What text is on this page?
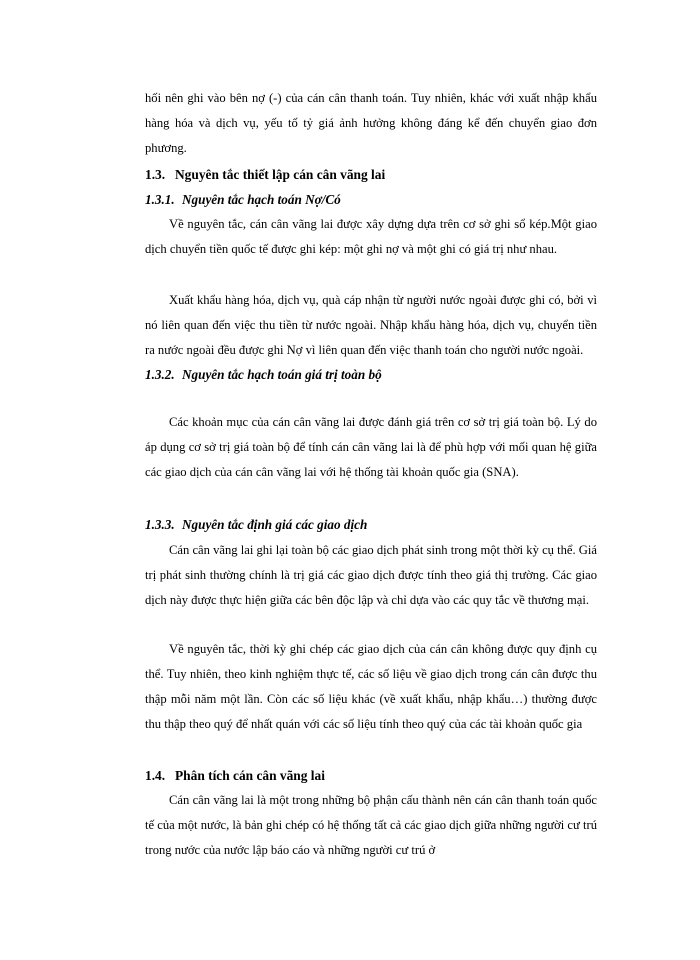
hối nên ghi vào bên nợ (-) của cán cân thanh toán. Tuy nhiên, khác với xuất nhập khẩu hàng hóa và dịch vụ, yếu tố tỷ giá ảnh hưởng không đáng kể đến chuyển giao đơn phương.

1.3. Nguyên tắc thiết lập cán cân vãng lai
1.3.1. Nguyên tắc hạch toán Nợ/Có

Về nguyên tắc, cán cân vãng lai được xây dựng dựa trên cơ sở ghi sổ kép.Một giao dịch chuyển tiền quốc tế được ghi kép: một ghi nợ và một ghi có giá trị như nhau.

Xuất khẩu hàng hóa, dịch vụ, quà cáp nhận từ người nước ngoài được ghi có, bởi vì nó liên quan đến việc thu tiền từ nước ngoài. Nhập khẩu hàng hóa, dịch vụ, chuyển tiền ra nước ngoài đều được ghi Nợ vì liên quan đến việc thanh toán cho người nước ngoài.

1.3.2. Nguyên tắc hạch toán giá trị toàn bộ

Các khoản mục của cán cân vãng lai được đánh giá trên cơ sở trị giá toàn bộ. Lý do áp dụng cơ sở trị giá toàn bộ để tính cán cân vãng lai là để phù hợp với mối quan hệ giữa các giao dịch của cán cân vãng lai với hệ thống tài khoản quốc gia (SNA).

1.3.3. Nguyên tắc định giá các giao dịch

Cán cân vãng lai ghi lại toàn bộ các giao dịch phát sinh trong một thời kỳ cụ thể. Giá trị phát sinh thường chính là trị giá các giao dịch được tính theo giá thị trường. Các giao dịch này được thực hiện giữa các bên độc lập và chỉ dựa vào các quy tắc về thương mại.

Về nguyên tắc, thời kỳ ghi chép các giao dịch của cán cân không được quy định cụ thể. Tuy nhiên, theo kinh nghiệm thực tế, các số liệu về giao dịch trong cán cân được thu thập mỗi năm một lần. Còn các số liệu khác (về xuất khẩu, nhập khẩu…) thường được thu thập theo quý để nhất quán với các số liệu tính theo quý của các tài khoản quốc gia

1.4. Phân tích cán cân vãng lai

Cán cân vãng lai là một trong những bộ phận cấu thành nên cán cân thanh toán quốc tế của một nước, là bản ghi chép có hệ thống tất cả các giao dịch giữa những người cư trú trong nước của nước lập báo cáo và những người cư trú ở
